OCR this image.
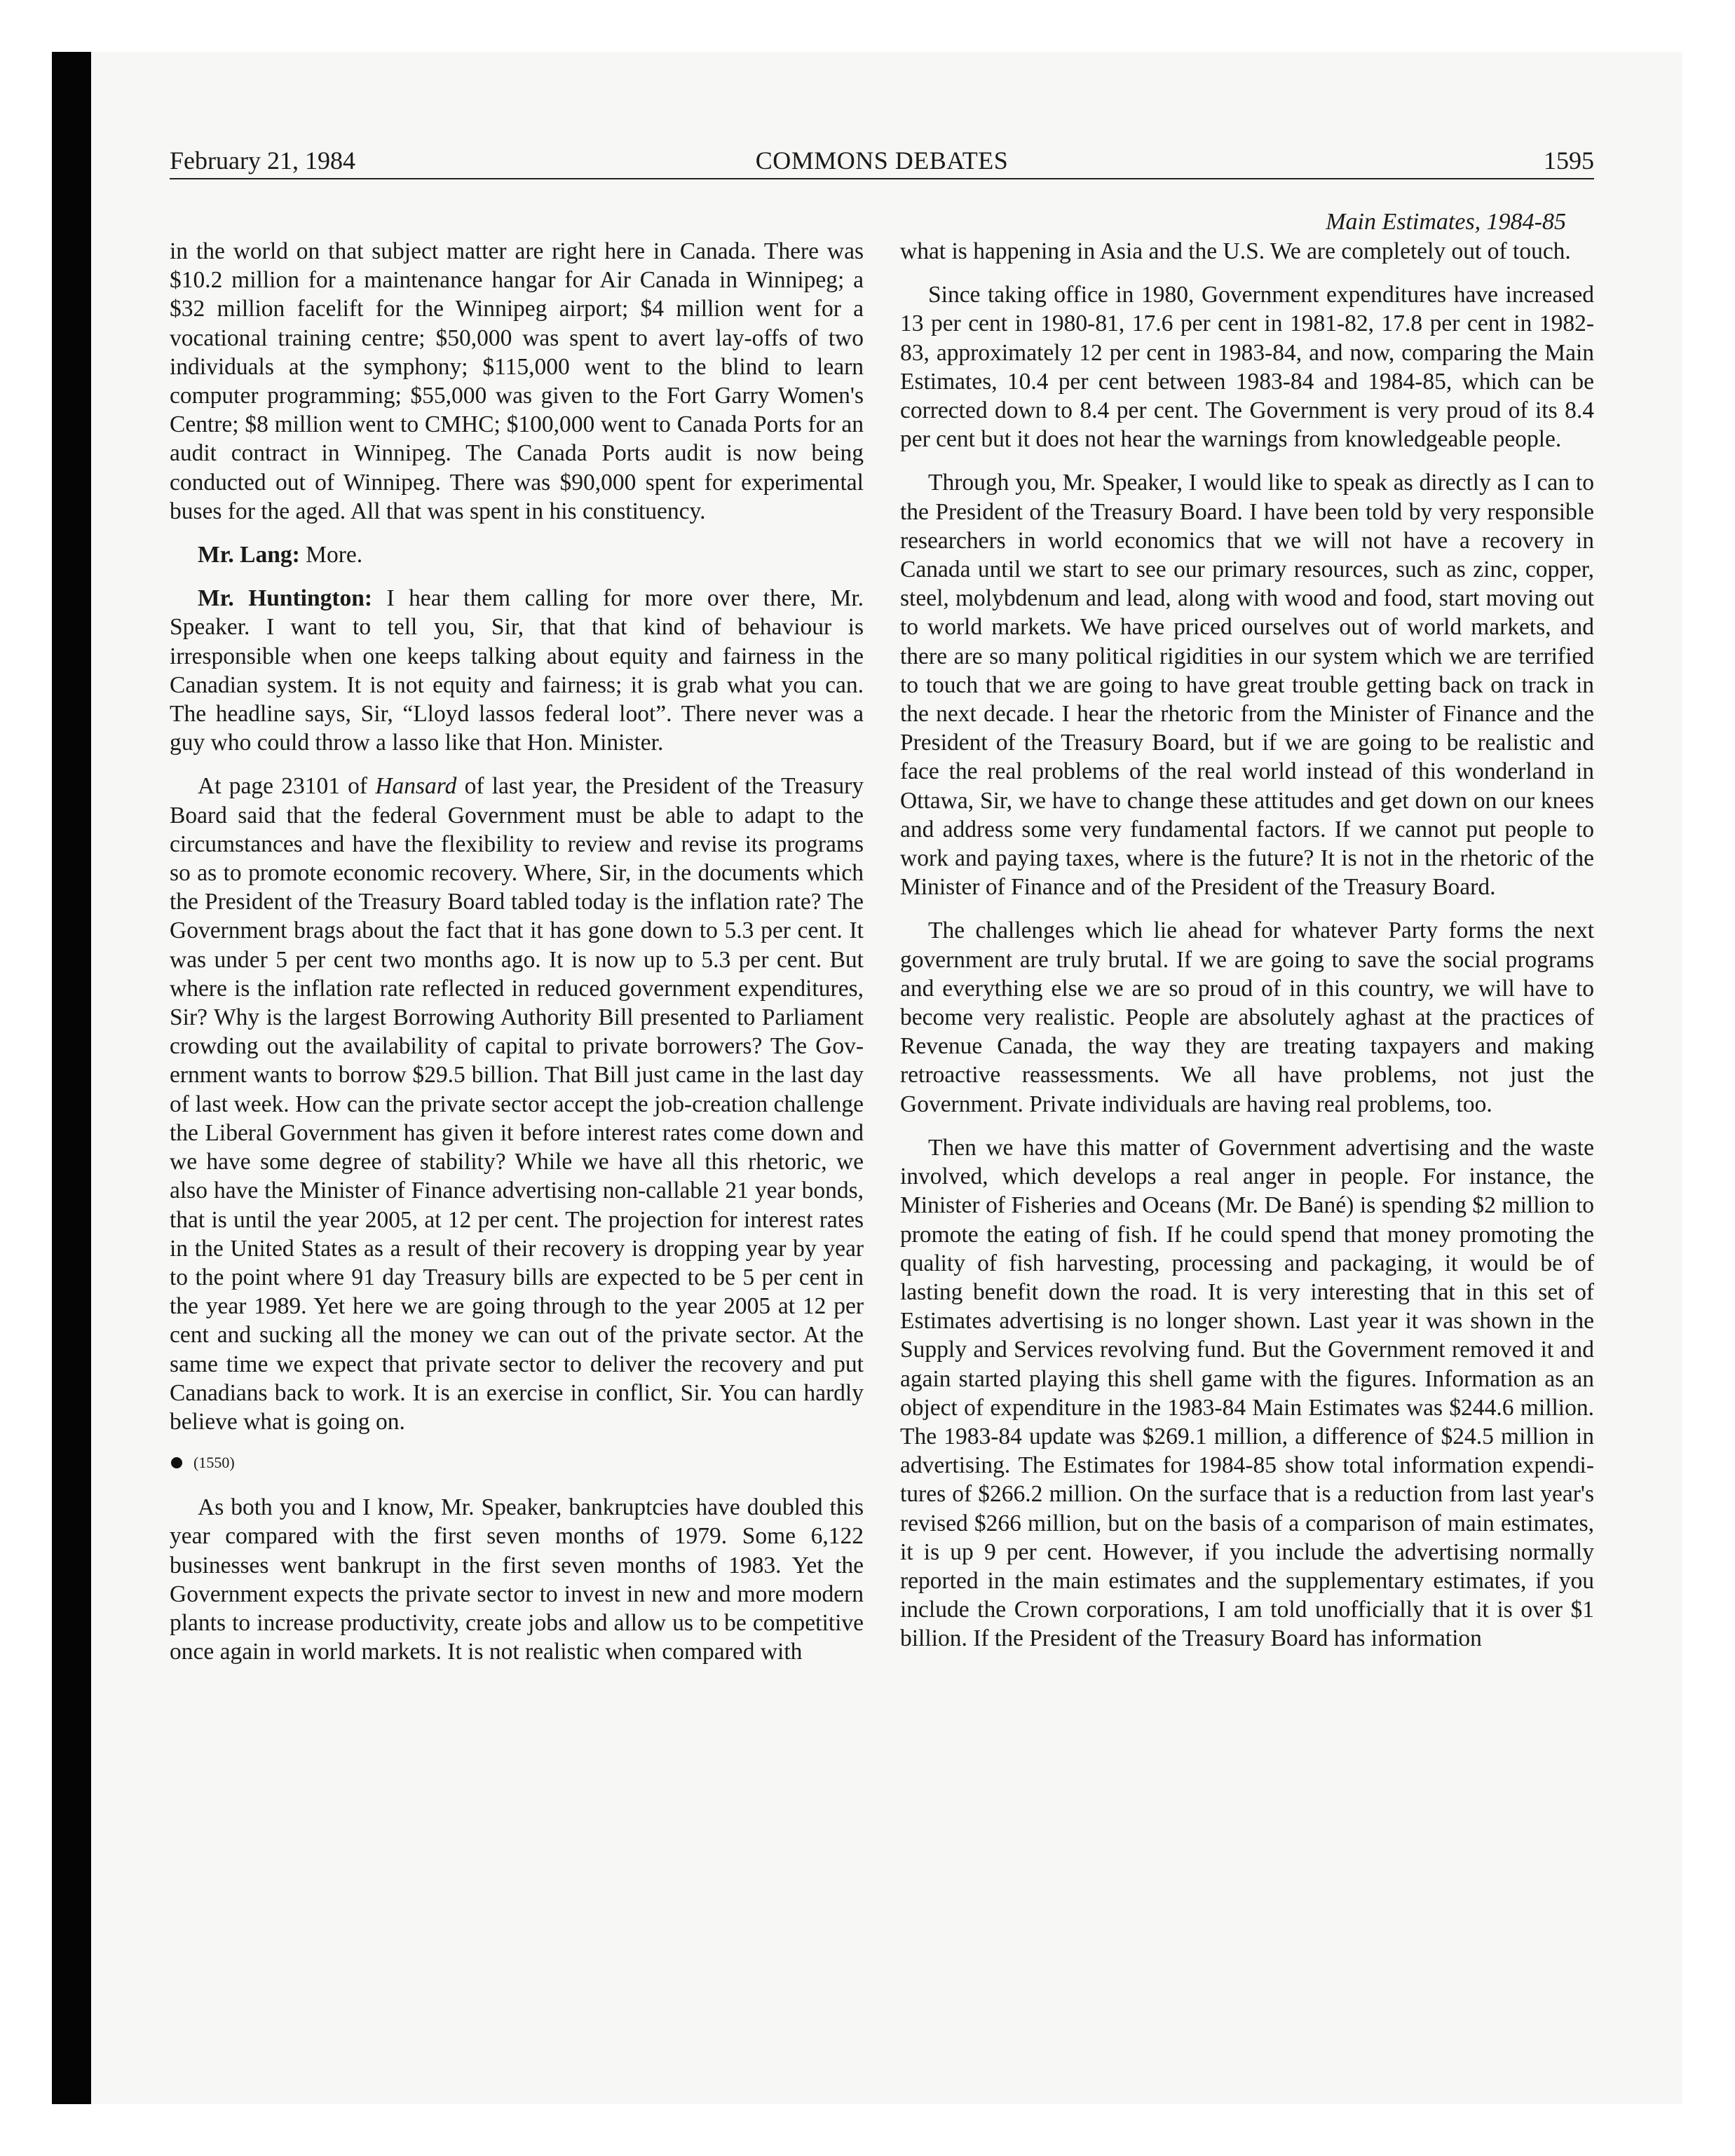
February 21, 1984	COMMONS DEBATES	1595

in the world on that subject matter are right here in Canada. There was $10.2 million for a maintenance hangar for Air Canada in Winnipeg; a $32 million facelift for the Winnipeg airport; $4 million went for a vocational training centre; $50,000 was spent to avert lay-offs of two individuals at the symphony; $115,000 went to the blind to learn computer programming; $55,000 was given to the Fort Garry Women's Centre; $8 million went to CMHC; $100,000 went to Canada Ports for an audit contract in Winnipeg. The Canada Ports audit is now being conducted out of Winnipeg. There was $90,000 spent for experimental buses for the aged. All that was spent in his constituency.

Mr. Lang: More.

Mr. Huntington: I hear them calling for more over there, Mr. Speaker. I want to tell you, Sir, that that kind of behaviour is irresponsible when one keeps talking about equity and fairness in the Canadian system. It is not equity and fairness; it is grab what you can. The headline says, Sir, “Lloyd lassos federal loot”. There never was a guy who could throw a lasso like that Hon. Minister.

At page 23101 of Hansard of last year, the President of the Treasury Board said that the federal Government must be able to adapt to the circumstances and have the flexibility to review and revise its programs so as to promote economic recovery. Where, Sir, in the documents which the President of the Treasury Board tabled today is the inflation rate? The Government brags about the fact that it has gone down to 5.3 per cent. It was under 5 per cent two months ago. It is now up to 5.3 per cent. But where is the inflation rate reflected in reduced government expenditures, Sir? Why is the largest Borrowing Authority Bill presented to Parliament crowding out the availability of capital to private borrowers? The Government wants to borrow $29.5 billion. That Bill just came in the last day of last week. How can the private sector accept the job-creation challenge the Liberal Government has given it before interest rates come down and we have some degree of stability? While we have all this rhetoric, we also have the Minister of Finance advertising non-callable 21 year bonds, that is until the year 2005, at 12 per cent. The projection for interest rates in the United States as a result of their recovery is dropping year by year to the point where 91 day Treasury bills are expected to be 5 per cent in the year 1989. Yet here we are going through to the year 2005 at 12 per cent and sucking all the money we can out of the private sector. At the same time we expect that private sector to deliver the recovery and put Canadians back to work. It is an exercise in conflict, Sir. You can hardly believe what is going on.

(1550)

As both you and I know, Mr. Speaker, bankruptcies have doubled this year compared with the first seven months of 1979. Some 6,122 businesses went bankrupt in the first seven months of 1983. Yet the Government expects the private sector to invest in new and more modern plants to increase productivity, create jobs and allow us to be competitive once again in world markets. It is not realistic when compared with

Main Estimates, 1984-85

what is happening in Asia and the U.S. We are completely out of touch.

Since taking office in 1980, Government expenditures have increased 13 per cent in 1980-81, 17.6 per cent in 1981-82, 17.8 per cent in 1982-83, approximately 12 per cent in 1983-84, and now, comparing the Main Estimates, 10.4 per cent between 1983-84 and 1984-85, which can be corrected down to 8.4 per cent. The Government is very proud of its 8.4 per cent but it does not hear the warnings from knowledgeable people.

Through you, Mr. Speaker, I would like to speak as directly as I can to the President of the Treasury Board. I have been told by very responsible researchers in world economics that we will not have a recovery in Canada until we start to see our primary resources, such as zinc, copper, steel, molybdenum and lead, along with wood and food, start moving out to world markets. We have priced ourselves out of world markets, and there are so many political rigidities in our system which we are terrified to touch that we are going to have great trouble getting back on track in the next decade. I hear the rhetoric from the Minister of Finance and the President of the Treasury Board, but if we are going to be realistic and face the real problems of the real world instead of this wonderland in Ottawa, Sir, we have to change these attitudes and get down on our knees and address some very fundamental factors. If we cannot put people to work and paying taxes, where is the future? It is not in the rhetoric of the Minister of Finance and of the President of the Treasury Board.

The challenges which lie ahead for whatever Party forms the next government are truly brutal. If we are going to save the social programs and everything else we are so proud of in this country, we will have to become very realistic. People are absolutely aghast at the practices of Revenue Canada, the way they are treating taxpayers and making retroactive reassessments. We all have problems, not just the Government. Private individuals are having real problems, too.

Then we have this matter of Government advertising and the waste involved, which develops a real anger in people. For instance, the Minister of Fisheries and Oceans (Mr. De Bané) is spending $2 million to promote the eating of fish. If he could spend that money promoting the quality of fish harvesting, processing and packaging, it would be of lasting benefit down the road. It is very interesting that in this set of Estimates advertising is no longer shown. Last year it was shown in the Supply and Services revolving fund. But the Government removed it and again started playing this shell game with the figures. Information as an object of expenditure in the 1983-84 Main Estimates was $244.6 million. The 1983-84 update was $269.1 million, a difference of $24.5 million in advertising. The Estimates for 1984-85 show total information expenditures of $266.2 million. On the surface that is a reduction from last year's revised $266 million, but on the basis of a comparison of main estimates, it is up 9 per cent. However, if you include the advertising normally reported in the main estimates and the supplementary estimates, if you include the Crown corporations, I am told unofficially that it is over $1 billion. If the President of the Treasury Board has information
